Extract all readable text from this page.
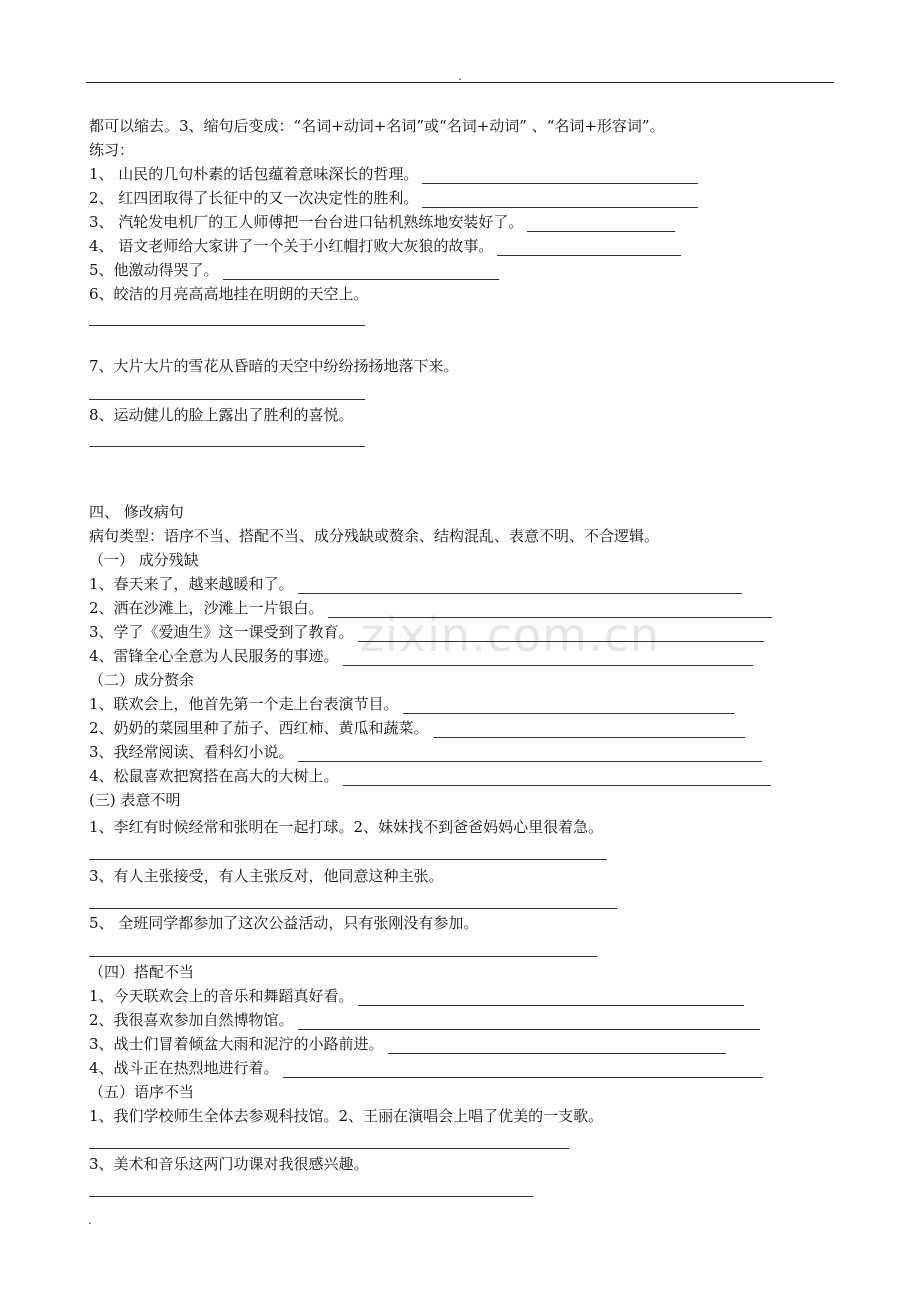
.
zixin.com.cn
都可以缩去。3、缩句后变成：“名词+动词+名词”或“名词+动词” 、“名词+形容词”。
练习：
1、 山民的几句朴素的话包蕴着意味深长的哲理。
2、 红四团取得了长征中的又一次决定性的胜利。
3、 汽轮发电机厂的工人师傅把一台台进口钻机熟练地安装好了。
4、 语文老师给大家讲了一个关于小红帽打败大灰狼的故事。
5、他激动得哭了。
6、皎洁的月亮高高地挂在明朗的天空上。
7、大片大片的雪花从昏暗的天空中纷纷扬扬地落下来。
8、运动健儿的脸上露出了胜利的喜悦。
四、 修改病句
病句类型：语序不当、搭配不当、成分残缺或赘余、结构混乱、表意不明、不合逻辑。
（一） 成分残缺
1、春天来了，越来越暖和了。
2、洒在沙滩上，沙滩上一片银白。
3、学了《爱迪生》这一课受到了教育。
4、雷锋全心全意为人民服务的事迹。
（二）成分赘余
1、联欢会上，他首先第一个走上台表演节目。
2、奶奶的菜园里种了茄子、西红柿、黄瓜和蔬菜。
3、我经常阅读、看科幻小说。
4、松鼠喜欢把窝搭在高大的大树上。
(三) 表意不明
1、李红有时候经常和张明在一起打球。2、妹妹找不到爸爸妈妈心里很着急。
3、有人主张接受，有人主张反对，他同意这种主张。
5、 全班同学都参加了这次公益活动，只有张刚没有参加。
（四）搭配不当
1、今天联欢会上的音乐和舞蹈真好看。
2、我很喜欢参加自然博物馆。
3、战士们冒着倾盆大雨和泥泞的小路前进。
4、战斗正在热烈地进行着。
（五）语序不当
1、我们学校师生全体去参观科技馆。2、王丽在演唱会上唱了优美的一支歌。
3、美术和音乐这两门功课对我很感兴趣。
.
